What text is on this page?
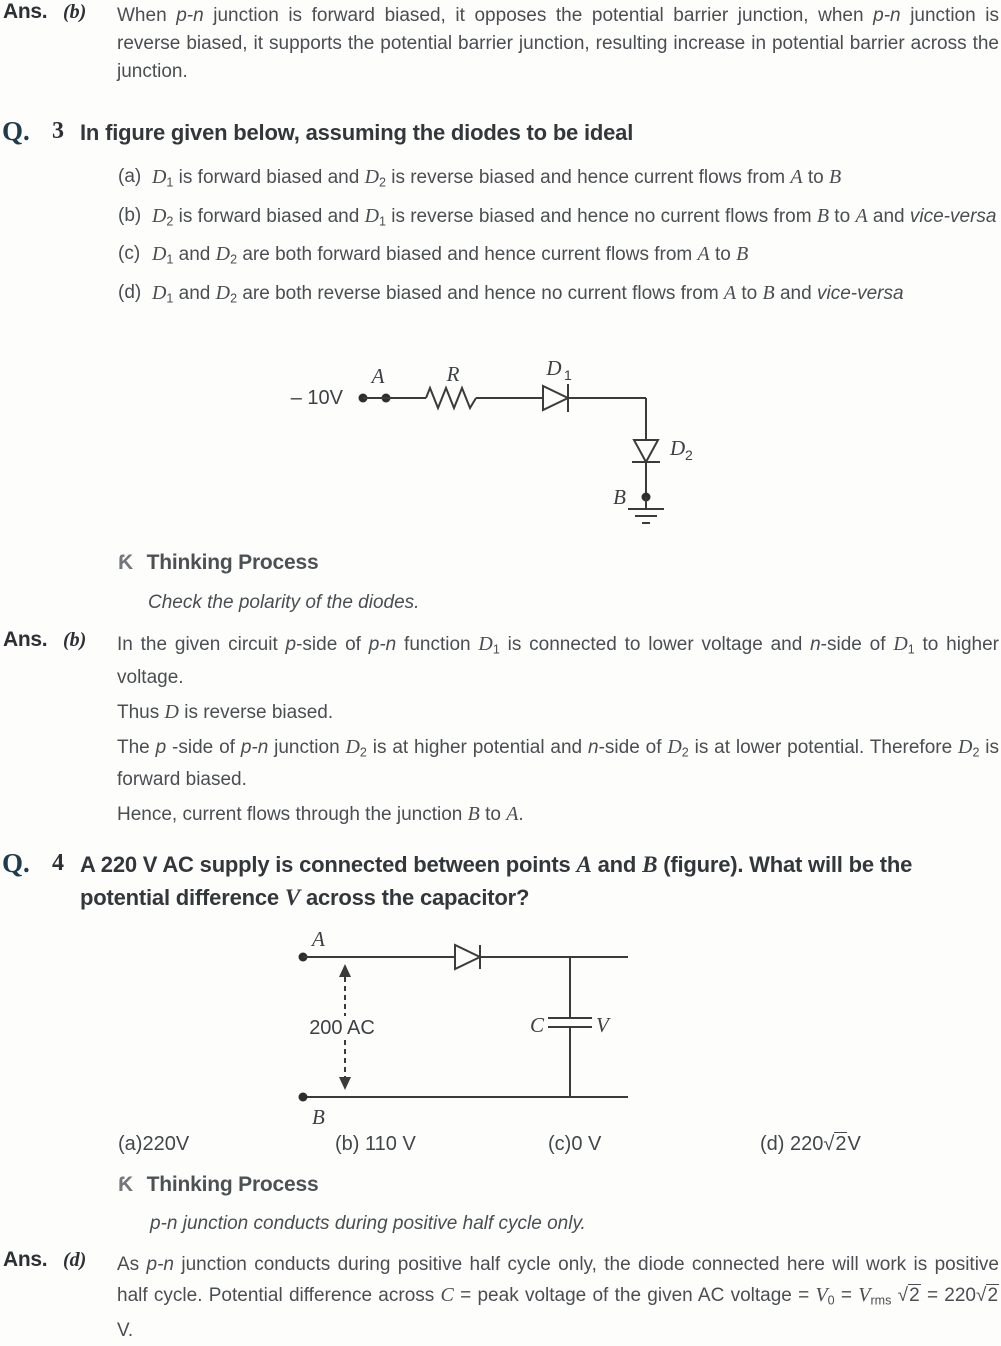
Ans. (b) When p-n junction is forward biased, it opposes the potential barrier junction, when p-n junction is reverse biased, it supports the potential barrier junction, resulting increase in potential barrier across the junction.
Q. 3 In figure given below, assuming the diodes to be ideal
(a) D1 is forward biased and D2 is reverse biased and hence current flows from A to B
(b) D2 is forward biased and D1 is reverse biased and hence no current flows from B to A and vice-versa
(c) D1 and D2 are both forward biased and hence current flows from A to B
(d) D1 and D2 are both reverse biased and hence no current flows from A to B and vice-versa
– 10V
A	R	D 1
D 2
B
Ƙ Thinking Process
Check the polarity of the diodes.
Ans. (b) In the given circuit p-side of p-n function D1 is connected to lower voltage and n-side of D1 to higher voltage.

Thus D is reverse biased.

The p -side of p-n junction D2 is at higher potential and n-side of D2 is at lower potential. Therefore D2 is forward biased.

Hence, current flows through the junction B to A.

Q. 4 A 220 V AC supply is connected between points A and B (figure). What will be the potential difference V across the capacitor?
A
200 AC	C V
B
(a)220V	(b) 110 V	(c)0 V	(d) 220√2V
Ƙ Thinking Process
p-n junction conducts during positive half cycle only.
Ans. (d) As p-n junction conducts during positive half cycle only, the diode connected here will work is positive half cycle. Potential difference across C = peak voltage of the given AC voltage = V0 = Vrms √2 = 220√2 V.
